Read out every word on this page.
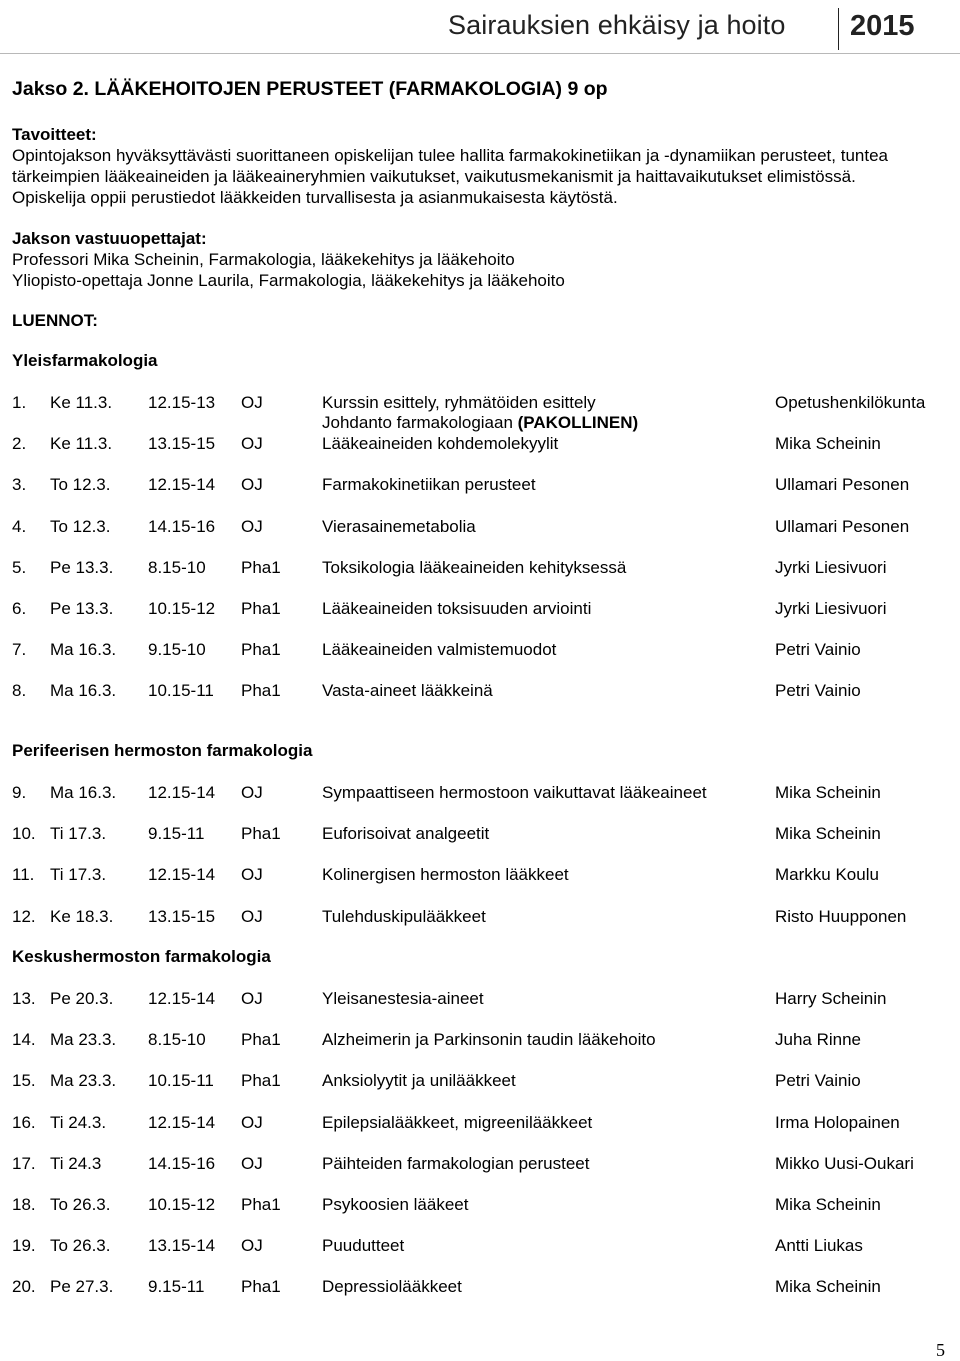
Sairauksien ehkäisy ja hoito 2015
Jakso 2. LÄÄKEHOITOJEN PERUSTEET (FARMAKOLOGIA) 9 op
Tavoitteet:
Opintojakson hyväksyttävästi suorittaneen opiskelijan tulee hallita farmakokinetiikan ja -dynamiikan perusteet, tuntea
tärkeimpien lääkeaineiden ja lääkeaineryhmien vaikutukset, vaikutusmekanismit ja haittavaikutukset elimistössä.
Opiskelija oppii perustiedot lääkkeiden turvallisesta ja asianmukaisesta käytöstä.
Jakson vastuuopettajat:
Professori Mika Scheinin, Farmakologia, lääkekehitys ja lääkehoito
Yliopisto-opettaja Jonne Laurila, Farmakologia, lääkekehitys ja lääkehoito
LUENNOT:
Yleisfarmakologia
1. Ke 11.3. 12.15-13 OJ	Kurssin esittely, ryhmätöiden esittely	Opetushenkilökunta
Johdanto farmakologiaan (PAKOLLINEN)
2. Ke 11.3. 13.15-15 OJ	Lääkeaineiden kohdemolekyylit	Mika Scheinin
3. To 12.3. 12.15-14 OJ	Farmakokinetiikan perusteet	Ullamari Pesonen
4. To 12.3. 14.15-16 OJ	Vierasainemetabolia	Ullamari Pesonen
5. Pe 13.3. 8.15-10 Pha1 Toksikologia lääkeaineiden kehityksessä	Jyrki Liesivuori
6. Pe 13.3. 10.15-12 Pha1 Lääkeaineiden toksisuuden arviointi	Jyrki Liesivuori
7. Ma 16.3. 9.15-10 Pha1 Lääkeaineiden valmistemuodot	Petri Vainio
8. Ma 16.3. 10.15-11 Pha1 Vasta-aineet lääkkeinä	Petri Vainio
Perifeerisen hermoston farmakologia
9. Ma 16.3. 12.15-14 OJ	Sympaattiseen hermostoon vaikuttavat lääkeaineet	Mika Scheinin
10. Ti 17.3. 9.15-11 Pha1 Euforisoivat analgeetit	Mika Scheinin
11. Ti 17.3. 12.15-14 OJ	Kolinergisen hermoston lääkkeet	Markku Koulu
12. Ke 18.3. 13.15-15 OJ	Tulehduskipulääkkeet	Risto Huupponen
Keskushermoston farmakologia
13. Pe 20.3. 12.15-14 OJ	Yleisanestesia-aineet	Harry Scheinin
14. Ma 23.3. 8.15-10 Pha1 Alzheimerin ja Parkinsonin taudin lääkehoito	Juha Rinne
15. Ma 23.3. 10.15-11 Pha1 Anksiolyytit ja unilääkkeet	Petri Vainio
16. Ti 24.3. 12.15-14 OJ	Epilepsialääkkeet, migreenilääkkeet	Irma Holopainen
17. Ti 24.3	14.15-16 OJ	Päihteiden farmakologian perusteet	Mikko Uusi-Oukari
18. To 26.3. 10.15-12 Pha1 Psykoosien lääkeet	Mika Scheinin
19. To 26.3. 13.15-14 OJ	Puudutteet	Antti Liukas
20. Pe 27.3. 9.15-11 Pha1 Depressiolääkkeet	Mika Scheinin
5
